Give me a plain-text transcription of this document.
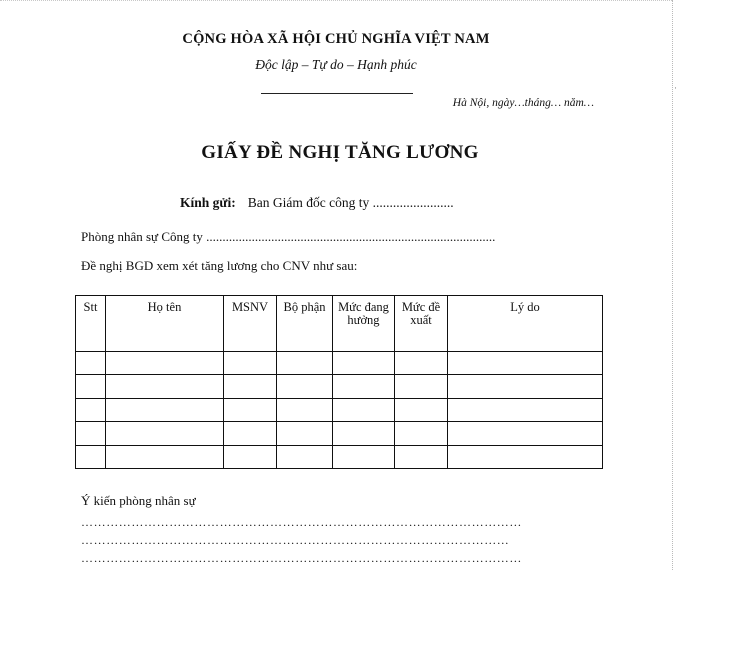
CỘNG HÒA XÃ HỘI CHỦ NGHĨA VIỆT NAM
Độc lập – Tự do – Hạnh phúc
Hà Nội, ngày…tháng… năm…
GIẤY ĐỀ NGHỊ TĂNG LƯƠNG
Kính gửi: Ban Giám đốc công ty ........................
Phòng nhân sự Công ty .........................................................................................
Đề nghị BGD xem xét tăng lương cho CNV như sau:
Stt	Họ tên	MSNV	Bộ phận	Mức đang hưởng	Mức đề xuất	Lý do

Ý kiến phòng nhân sự
……………………………………………………………………………………………
…………………………………………………………………………………………
……………………………………………………………………………………………
·
